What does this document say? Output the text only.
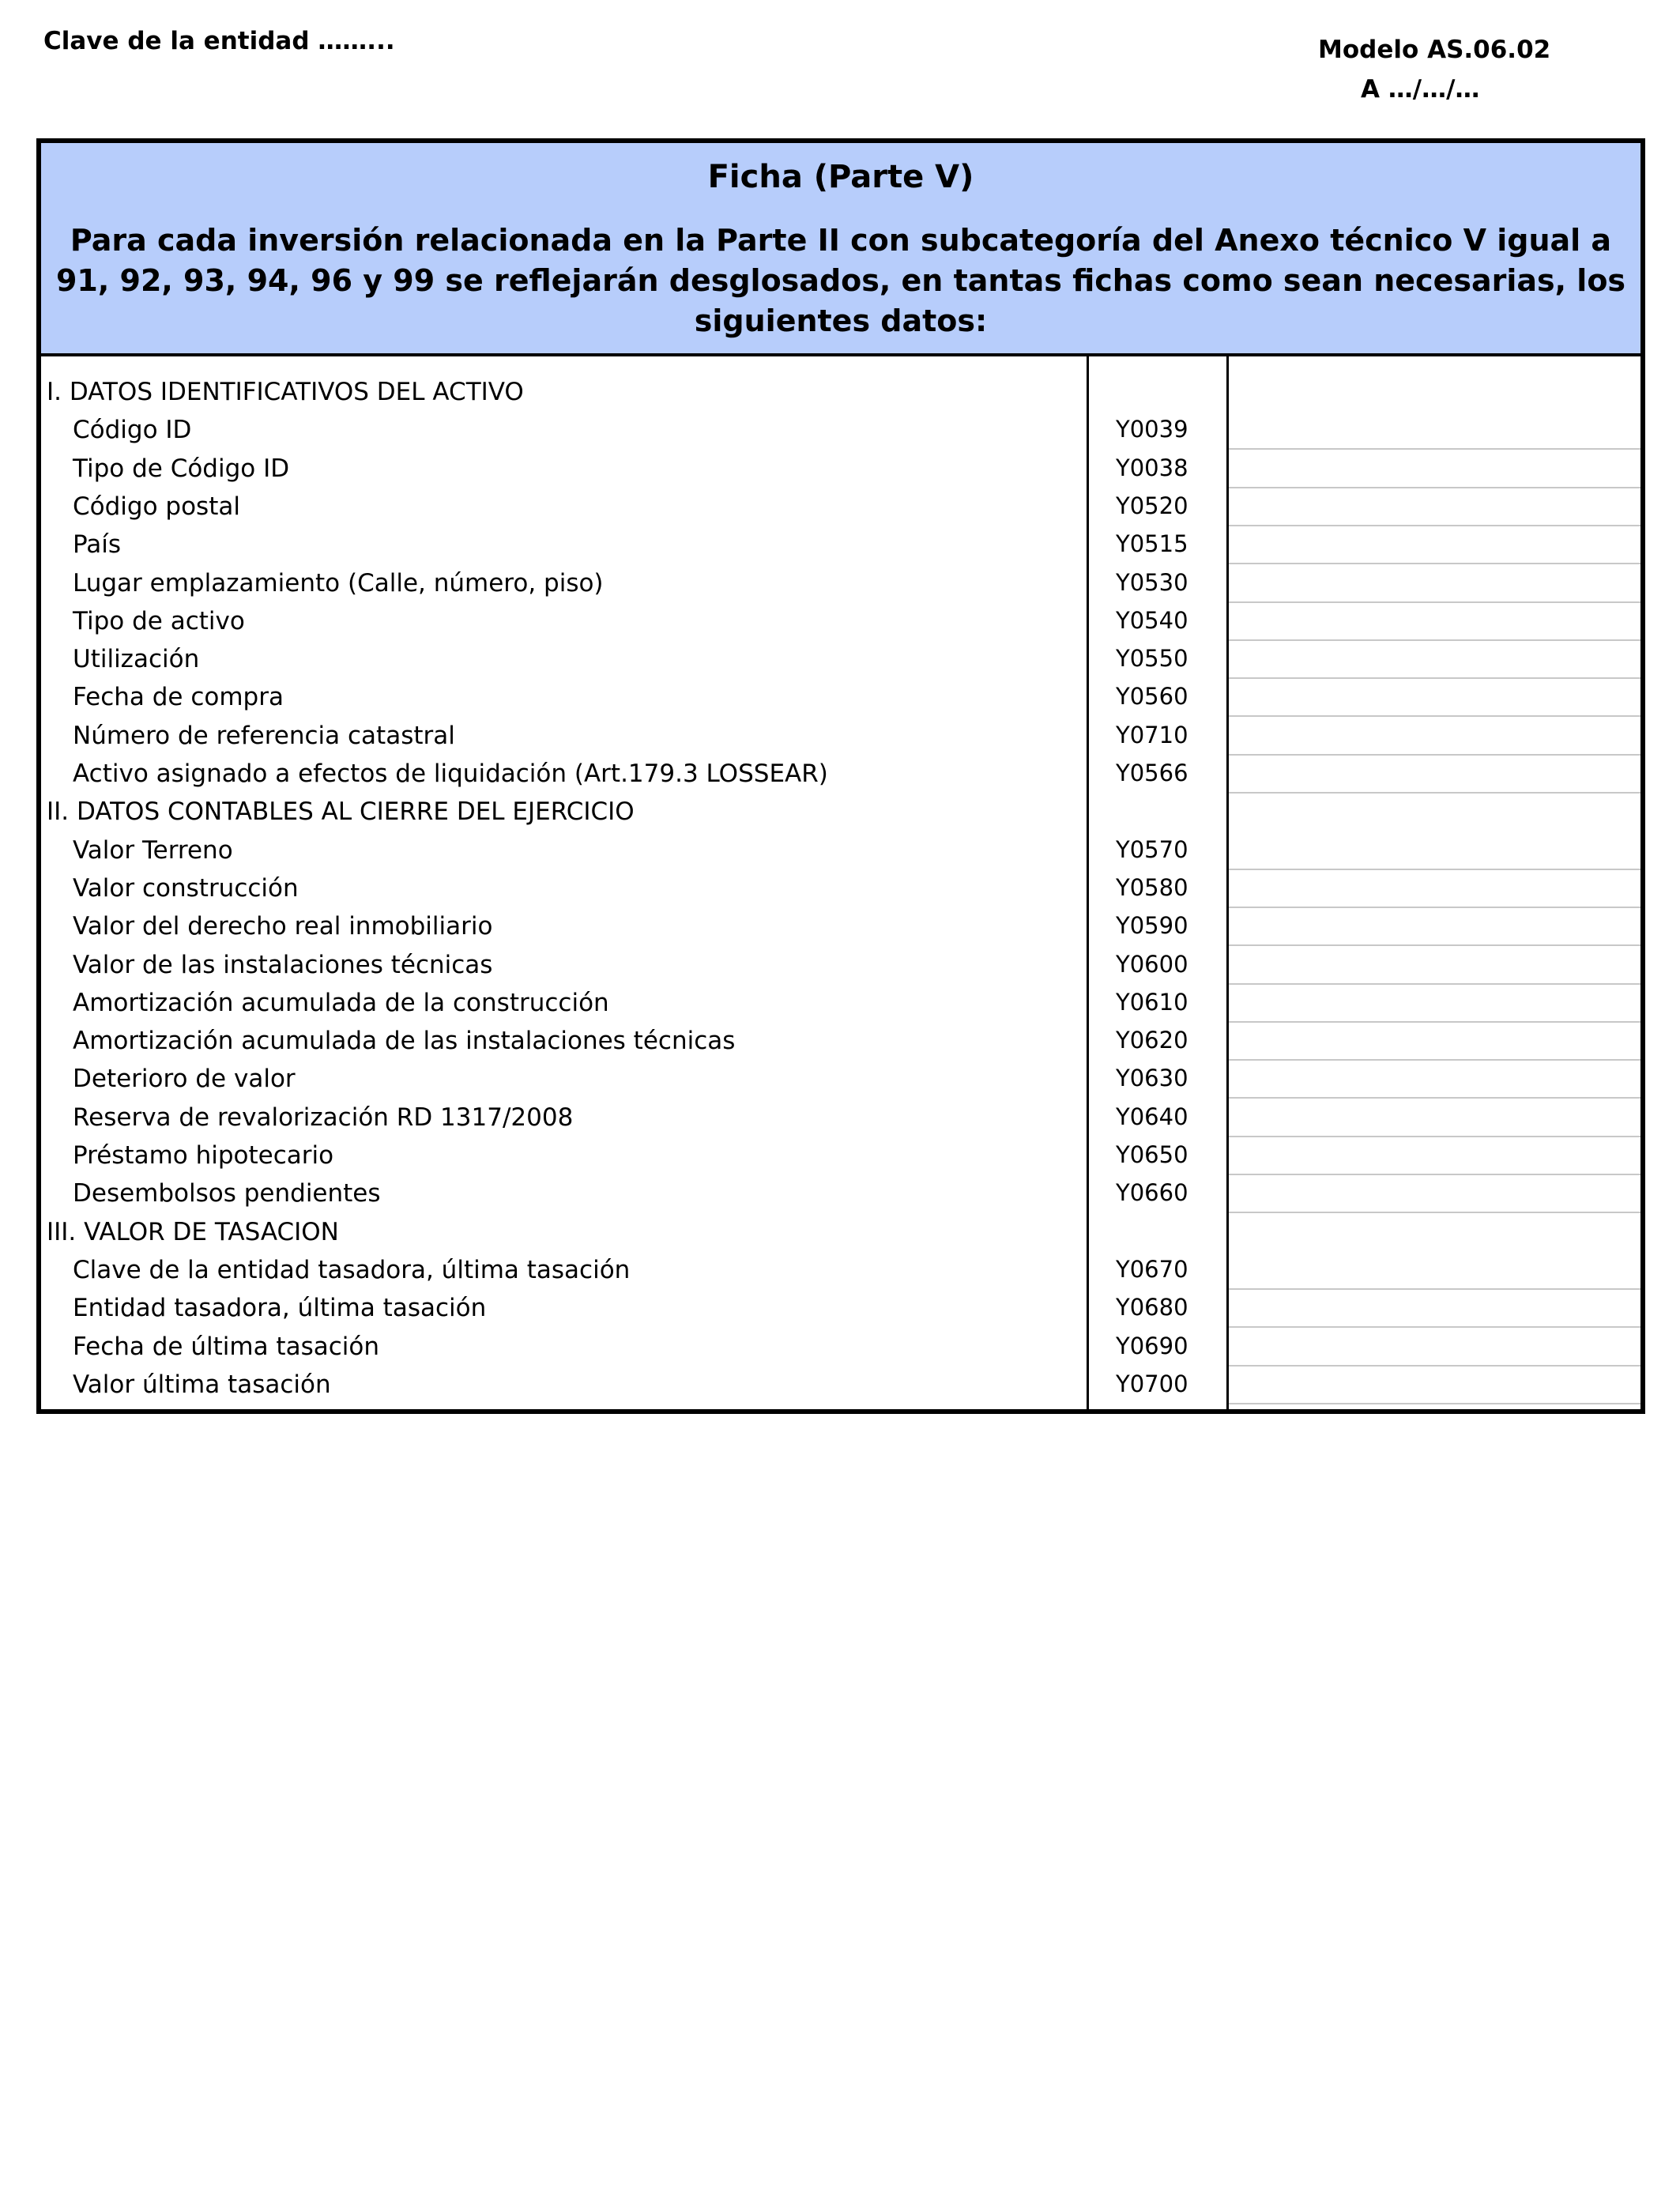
Clave de la entidad ……...	Modelo AS.06.02
A …/…/…
Ficha (Parte V)
Para cada inversión relacionada en la Parte II con subcategoría del Anexo técnico V igual a 91, 92, 93, 94, 96 y 99 se reflejarán desglosados, en tantas fichas como sean necesarias, los siguientes datos:
I. DATOS IDENTIFICATIVOS DEL ACTIVO
Código ID	Y0039
Tipo de Código ID	Y0038
Código postal	Y0520
País	Y0515
Lugar emplazamiento (Calle, número, piso)	Y0530
Tipo de activo	Y0540
Utilización	Y0550
Fecha de compra	Y0560
Número de referencia catastral	Y0710
Activo asignado a efectos de liquidación (Art.179.3 LOSSEAR)	Y0566
II. DATOS CONTABLES AL CIERRE DEL EJERCICIO
Valor Terreno	Y0570
Valor construcción	Y0580
Valor del derecho real inmobiliario	Y0590
Valor de las instalaciones técnicas	Y0600
Amortización acumulada de la construcción	Y0610
Amortización acumulada de las instalaciones técnicas	Y0620
Deterioro de valor	Y0630
Reserva de revalorización RD 1317/2008	Y0640
Préstamo hipotecario	Y0650
Desembolsos pendientes	Y0660
III. VALOR DE TASACION
Clave de la entidad tasadora, última tasación	Y0670
Entidad tasadora, última tasación	Y0680
Fecha de última tasación	Y0690
Valor última tasación	Y0700
